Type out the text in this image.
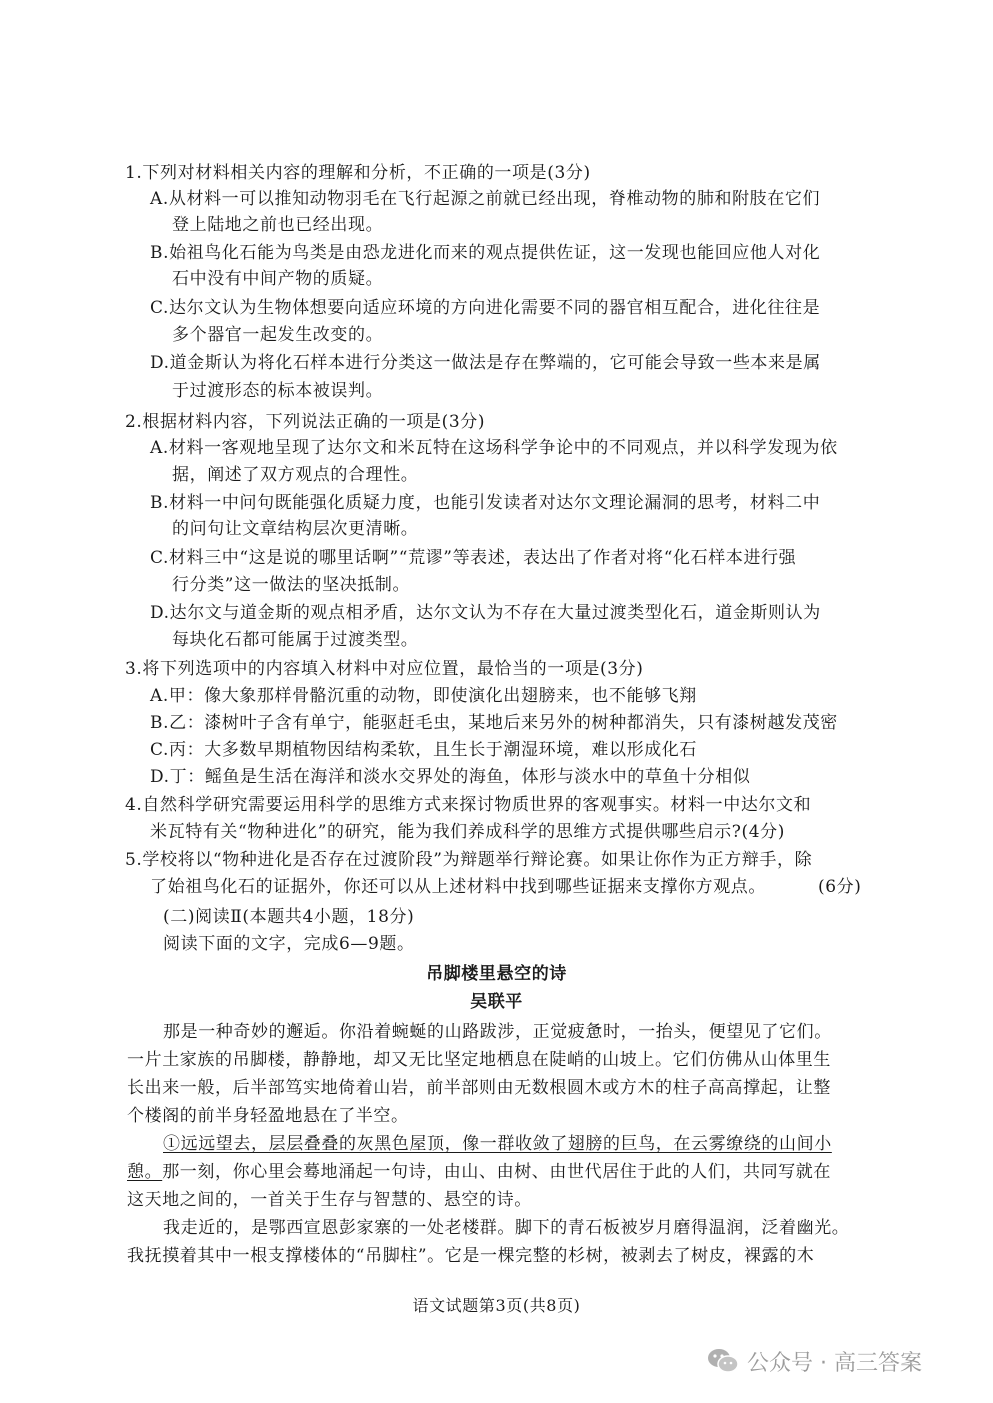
1.下列对材料相关内容的理解和分析，不正确的一项是(3分)
A.从材料一可以推知动物羽毛在飞行起源之前就已经出现，脊椎动物的肺和附肢在它们
登上陆地之前也已经出现。
B.始祖鸟化石能为鸟类是由恐龙进化而来的观点提供佐证，这一发现也能回应他人对化
石中没有中间产物的质疑。
C.达尔文认为生物体想要向适应环境的方向进化需要不同的器官相互配合，进化往往是
多个器官一起发生改变的。
D.道金斯认为将化石样本进行分类这一做法是存在弊端的，它可能会导致一些本来是属
于过渡形态的标本被误判。
2.根据材料内容，下列说法正确的一项是(3分)
A.材料一客观地呈现了达尔文和米瓦特在这场科学争论中的不同观点，并以科学发现为依
据，阐述了双方观点的合理性。
B.材料一中问句既能强化质疑力度，也能引发读者对达尔文理论漏洞的思考，材料二中
的问句让文章结构层次更清晰。
C.材料三中“这是说的哪里话啊”“荒谬”等表述，表达出了作者对将“化石样本进行强
行分类”这一做法的坚决抵制。
D.达尔文与道金斯的观点相矛盾，达尔文认为不存在大量过渡类型化石，道金斯则认为
每块化石都可能属于过渡类型。
3.将下列选项中的内容填入材料中对应位置，最恰当的一项是(3分)
A.甲：像大象那样骨骼沉重的动物，即使演化出翅膀来，也不能够飞翔
B.乙：漆树叶子含有单宁，能驱赶毛虫，某地后来另外的树种都消失，只有漆树越发茂密
C.丙：大多数早期植物因结构柔软，且生长于潮湿环境，难以形成化石
D.丁：鳐鱼是生活在海洋和淡水交界处的海鱼，体形与淡水中的草鱼十分相似
4.自然科学研究需要运用科学的思维方式来探讨物质世界的客观事实。材料一中达尔文和
米瓦特有关“物种进化”的研究，能为我们养成科学的思维方式提供哪些启示?(4分)
5.学校将以“物种进化是否存在过渡阶段”为辩题举行辩论赛。如果让你作为正方辩手，除
了始祖鸟化石的证据外，你还可以从上述材料中找到哪些证据来支撑你方观点。	(6分)
(二)阅读Ⅱ(本题共4小题，18分)
阅读下面的文字，完成6—9题。
吊脚楼里悬空的诗
吴联平
那是一种奇妙的邂逅。你沿着蜿蜒的山路跋涉，正觉疲惫时，一抬头，便望见了它们。
一片土家族的吊脚楼，静静地，却又无比坚定地栖息在陡峭的山坡上。它们仿佛从山体里生
长出来一般，后半部笃实地倚着山岩，前半部则由无数根圆木或方木的柱子高高撑起，让整
个楼阁的前半身轻盈地悬在了半空。
①远远望去，层层叠叠的灰黑色屋顶，像一群收敛了翅膀的巨鸟，在云雾缭绕的山间小
憩。那一刻，你心里会蓦地涌起一句诗，由山、由树、由世代居住于此的人们，共同写就在
这天地之间的，一首关于生存与智慧的、悬空的诗。
我走近的，是鄂西宣恩彭家寨的一处老楼群。脚下的青石板被岁月磨得温润，泛着幽光。
我抚摸着其中一根支撑楼体的“吊脚柱”。它是一棵完整的杉树，被剥去了树皮，裸露的木
语文试题第3页(共8页)
公众号 · 高三答案
